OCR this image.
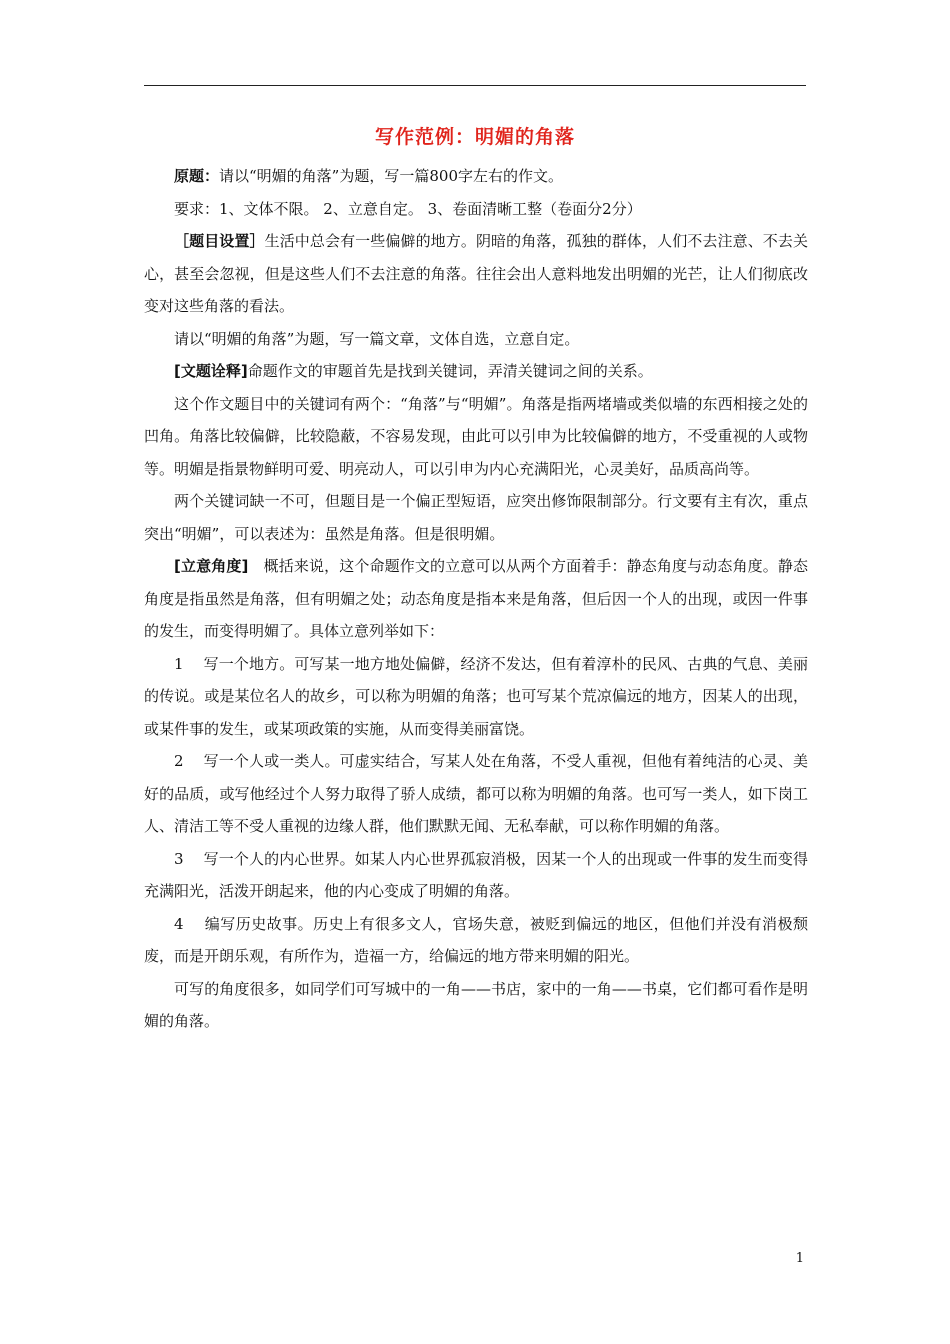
写作范例：明媚的角落

原题：请以“明媚的角落”为题，写一篇800字左右的作文。

要求：1、文体不限。 2、立意自定。 3、卷面清晰工整（卷面分2分）

［题目设置］生活中总会有一些偏僻的地方。阴暗的角落，孤独的群体，人们不去注意、不去关心，甚至会忽视，但是这些人们不去注意的角落。往往会出人意料地发出明媚的光芒，让人们彻底改变对这些角落的看法。

请以“明媚的角落”为题，写一篇文章，文体自选，立意自定。

[文题诠释]命题作文的审题首先是找到关键词，弄清关键词之间的关系。

这个作文题目中的关键词有两个：“角落”与“明媚”。角落是指两堵墙或类似墙的东西相接之处的凹角。角落比较偏僻，比较隐蔽，不容易发现，由此可以引申为比较偏僻的地方，不受重视的人或物等。明媚是指景物鲜明可爱、明亮动人，可以引申为内心充满阳光，心灵美好，品质高尚等。

两个关键词缺一不可，但题目是一个偏正型短语，应突出修饰限制部分。行文要有主有次，重点突出“明媚”，可以表述为：虽然是角落。但是很明媚。

[立意角度]　概括来说，这个命题作文的立意可以从两个方面着手：静态角度与动态角度。静态角度是指虽然是角落，但有明媚之处；动态角度是指本来是角落，但后因一个人的出现，或因一件事的发生，而变得明媚了。具体立意列举如下：

1　 写一个地方。可写某一地方地处偏僻，经济不发达，但有着淳朴的民风、古典的气息、美丽的传说。或是某位名人的故乡，可以称为明媚的角落；也可写某个荒凉偏远的地方，因某人的出现，或某件事的发生，或某项政策的实施，从而变得美丽富饶。

2　 写一个人或一类人。可虚实结合，写某人处在角落，不受人重视，但他有着纯洁的心灵、美好的品质，或写他经过个人努力取得了骄人成绩，都可以称为明媚的角落。也可写一类人，如下岗工人、清洁工等不受人重视的边缘人群，他们默默无闻、无私奉献，可以称作明媚的角落。

3　 写一个人的内心世界。如某人内心世界孤寂消极，因某一个人的出现或一件事的发生而变得充满阳光，活泼开朗起来，他的内心变成了明媚的角落。

4　 编写历史故事。历史上有很多文人，官场失意，被贬到偏远的地区，但他们并没有消极颓废，而是开朗乐观，有所作为，造福一方，给偏远的地方带来明媚的阳光。

可写的角度很多，如同学们可写城中的一角——书店，家中的一角——书桌，它们都可看作是明媚的角落。

1
